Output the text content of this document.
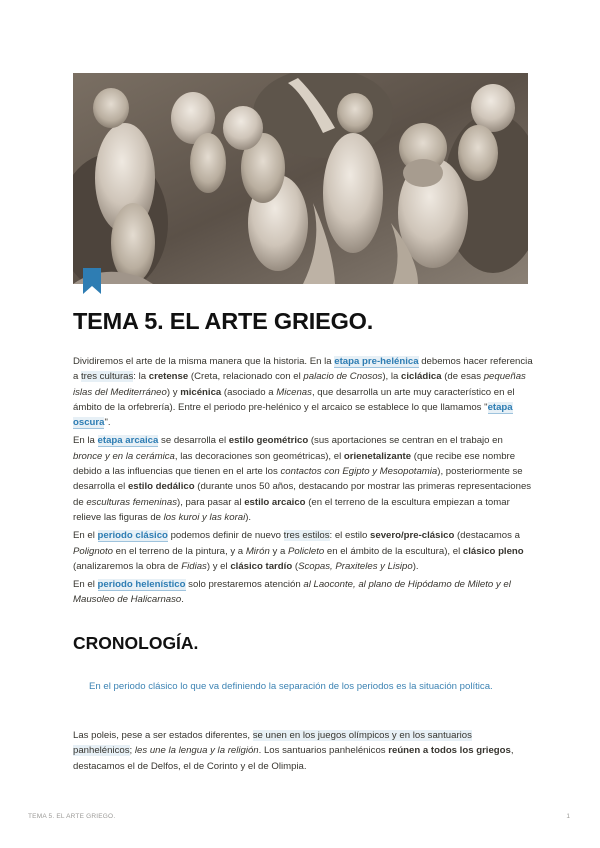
TEMA 5. EL ARTE GRIEGO.

Dividiremos el arte de la misma manera que la historia. En la etapa pre-helénica debemos hacer referencia a tres culturas: la cretense (Creta, relacionado con el palacio de Cnosos), la cicládica (de esas pequeñas islas del Mediterráneo) y micénica (asociado a Micenas, que desarrolla un arte muy característico en el ámbito de la orfebrería). Entre el periodo pre-helénico y el arcaico se establece lo que llamamos "etapa oscura".

En la etapa arcaica se desarrolla el estilo geométrico (sus aportaciones se centran en el trabajo en bronce y en la cerámica, las decoraciones son geométricas), el orienetalizante (que recibe ese nombre debido a las influencias que tienen en el arte los contactos con Egipto y Mesopotamia), posteriormente se desarrolla el estilo dedálico (durante unos 50 años, destacando por mostrar las primeras representaciones de esculturas femeninas), para pasar al estilo arcaico (en el terreno de la escultura empiezan a tomar relieve las figuras de los kuroi y las korai).

En el periodo clásico podemos definir de nuevo tres estilos: el estilo severo/pre-clásico (destacamos a Polignoto en el terreno de la pintura, y a Mirón y a Policleto en el ámbito de la escultura), el clásico pleno (analizaremos la obra de Fidias) y el clásico tardío (Scopas, Praxiteles y Lisipo).

En el periodo helenístico solo prestaremos atención al Laoconte, al plano de Hipódamo de Mileto y el Mausoleo de Halicarnaso.

CRONOLOGÍA.
En el periodo clásico lo que va definiendo la separación de los periodos es la situación política.

Las poleis, pese a ser estados diferentes, se unen en los juegos olímpicos y en los santuarios panhelénicos; les une la lengua y la religión. Los santuarios panhelénicos reúnen a todos los griegos, destacamos el de Delfos, el de Corinto y el de Olimpia.

TEMA 5. EL ARTE GRIEGO.	1
